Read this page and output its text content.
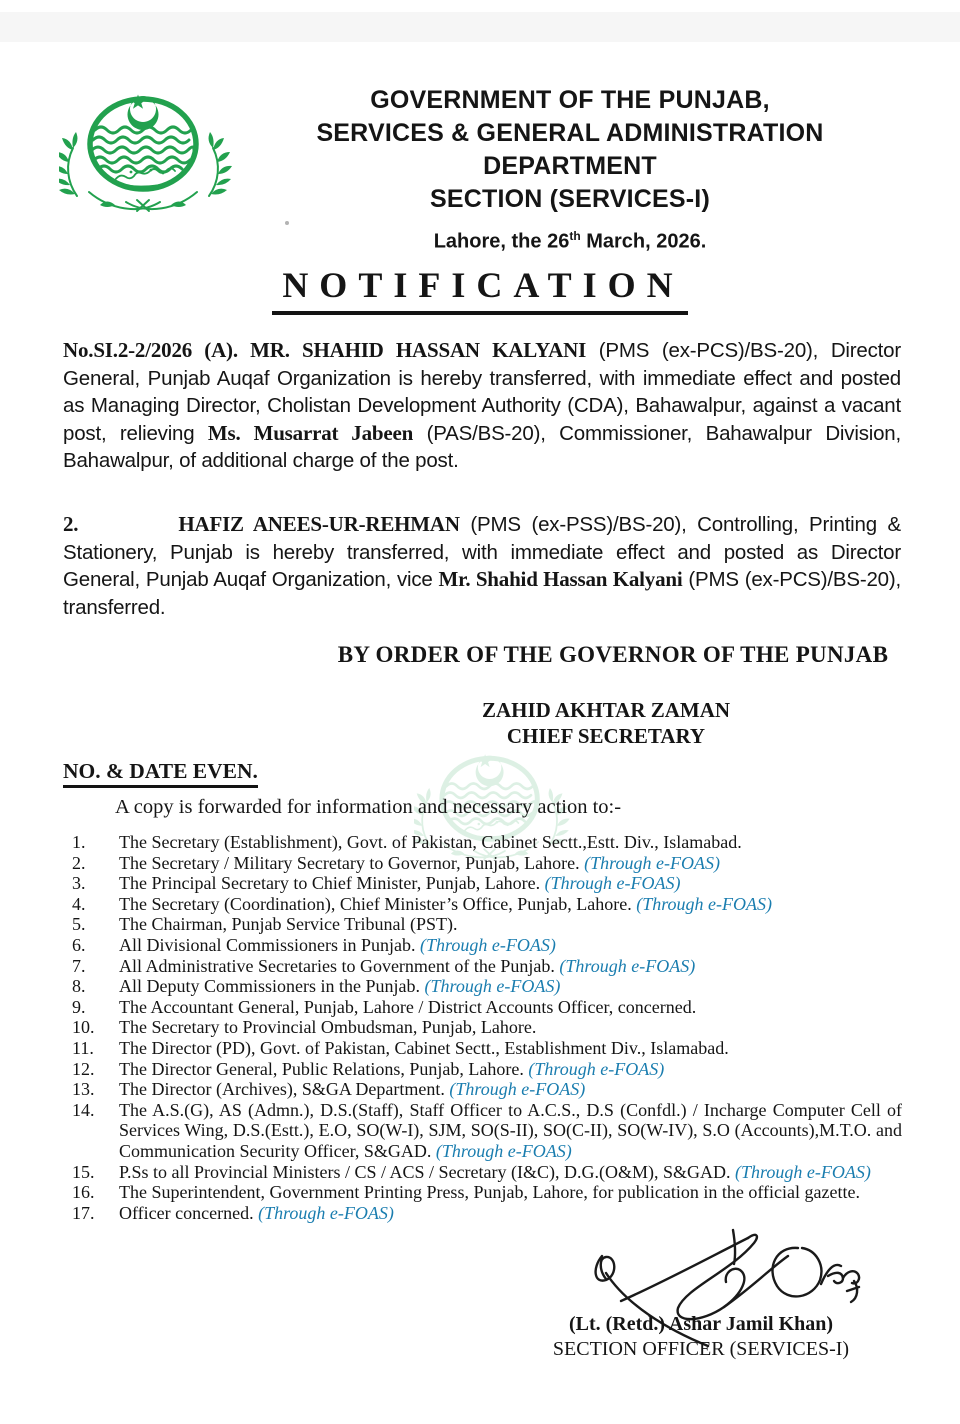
GOVERNMENT OF THE PUNJAB,
SERVICES & GENERAL ADMINISTRATION
DEPARTMENT
SECTION (SERVICES-I)
Lahore, the 26th March, 2026.
NOTIFICATION

No.SI.2-2/2026 (A). MR. SHAHID HASSAN KALYANI (PMS (ex-PCS)/BS-20), Director General, Punjab Auqaf Organization is hereby transferred, with immediate effect and posted as Managing Director, Cholistan Development Authority (CDA), Bahawalpur, against a vacant post, relieving Ms. Musarrat Jabeen (PAS/BS-20), Commissioner, Bahawalpur Division, Bahawalpur, of additional charge of the post.

2.	HAFIZ ANEES-UR-REHMAN (PMS (ex-PSS)/BS-20), Controlling, Printing & Stationery, Punjab is hereby transferred, with immediate effect and posted as Director General, Punjab Auqaf Organization, vice Mr. Shahid Hassan Kalyani (PMS (ex-PCS)/BS-20), transferred.

BY ORDER OF THE GOVERNOR OF THE PUNJAB
ZAHID AKHTAR ZAMAN
CHIEF SECRETARY
NO. & DATE EVEN.
A copy is forwarded for information and necessary action to:-
1.	The Secretary (Establishment), Govt. of Pakistan, Cabinet Sectt.,Estt. Div., Islamabad.
2.	The Secretary / Military Secretary to Governor, Punjab, Lahore. (Through e-FOAS)
3.	The Principal Secretary to Chief Minister, Punjab, Lahore. (Through e-FOAS)
4.	The Secretary (Coordination), Chief Minister’s Office, Punjab, Lahore. (Through e-FOAS)
5.	The Chairman, Punjab Service Tribunal (PST).
6.	All Divisional Commissioners in Punjab. (Through e-FOAS)
7.	All Administrative Secretaries to Government of the Punjab. (Through e-FOAS)
8.	All Deputy Commissioners in the Punjab. (Through e-FOAS)
9.	The Accountant General, Punjab, Lahore / District Accounts Officer, concerned.
10.	The Secretary to Provincial Ombudsman, Punjab, Lahore.
11.	The Director (PD), Govt. of Pakistan, Cabinet Sectt., Establishment Div., Islamabad.
12.	The Director General, Public Relations, Punjab, Lahore. (Through e-FOAS)
13.	The Director (Archives), S&GA Department. (Through e-FOAS)
14.	The A.S.(G), AS (Admn.), D.S.(Staff), Staff Officer to A.C.S., D.S (Confdl.) / Incharge Computer Cell of Services Wing, D.S.(Estt.), E.O, SO(W-I), SJM, SO(S-II), SO(C-II), SO(W-IV), S.O (Accounts),M.T.O. and Communication Security Officer, S&GAD. (Through e-FOAS)
15.	P.Ss to all Provincial Ministers / CS / ACS / Secretary (I&C), D.G.(O&M), S&GAD. (Through e-FOAS)
16.	The Superintendent, Government Printing Press, Punjab, Lahore, for publication in the official gazette.
17.	Officer concerned. (Through e-FOAS)
(Lt. (Retd.) Ashar Jamil Khan)
SECTION OFFICER (SERVICES-I)
